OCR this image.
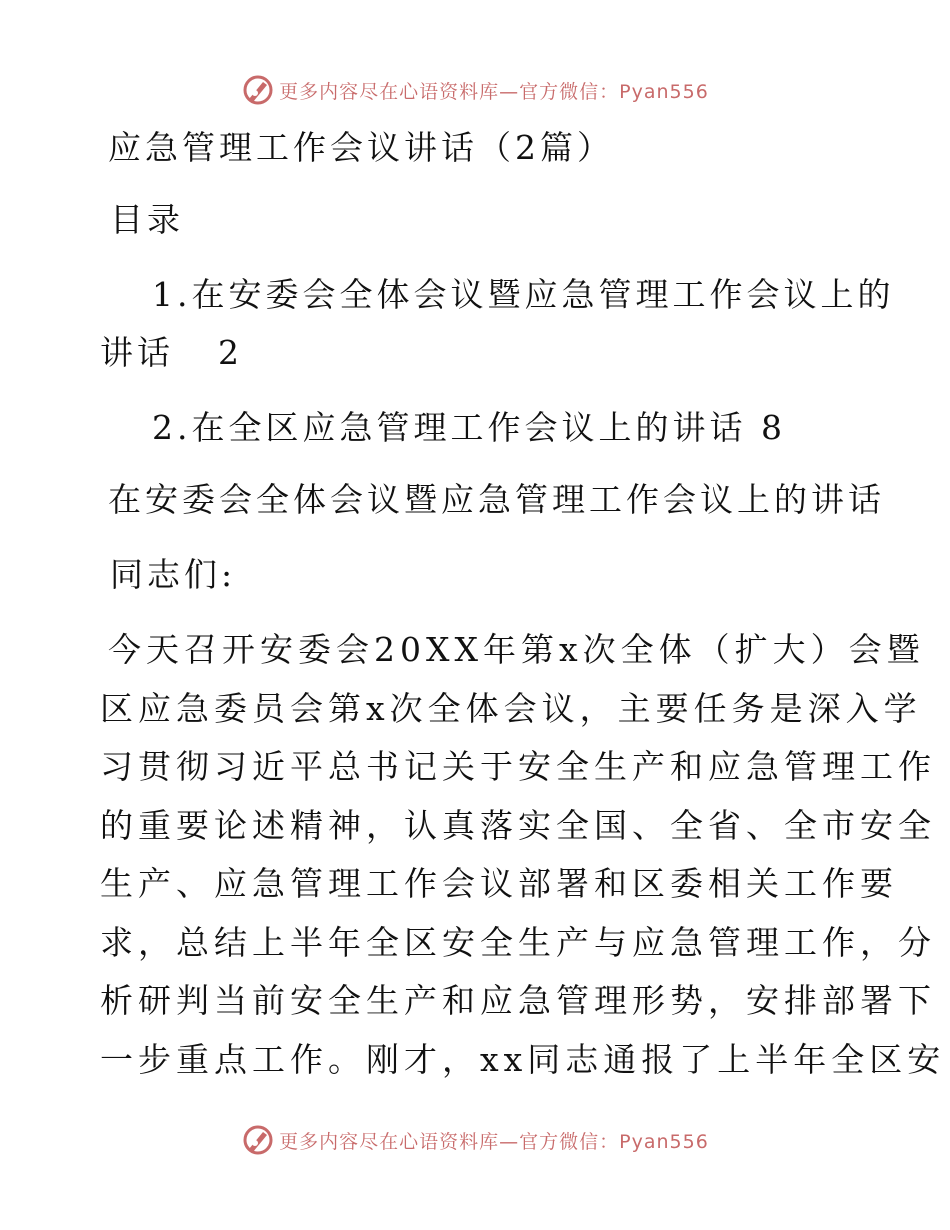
更多内容尽在心语资料库—官方微信：Pyan556
应急管理工作会议讲话（2篇）
目录
1.在安委会全体会议暨应急管理工作会议上的
讲话 2
2.在全区应急管理工作会议上的讲话 8
在安委会全体会议暨应急管理工作会议上的讲话
同志们:
今天召开安委会20XX年第x次全体（扩大）会暨
区应急委员会第x次全体会议，主要任务是深入学
习贯彻习近平总书记关于安全生产和应急管理工作
的重要论述精神，认真落实全国、全省、全市安全
生产、应急管理工作会议部署和区委相关工作要
求，总结上半年全区安全生产与应急管理工作，分
析研判当前安全生产和应急管理形势，安排部署下
一步重点工作。刚才，xx同志通报了上半年全区安
更多内容尽在心语资料库—官方微信：Pyan556
